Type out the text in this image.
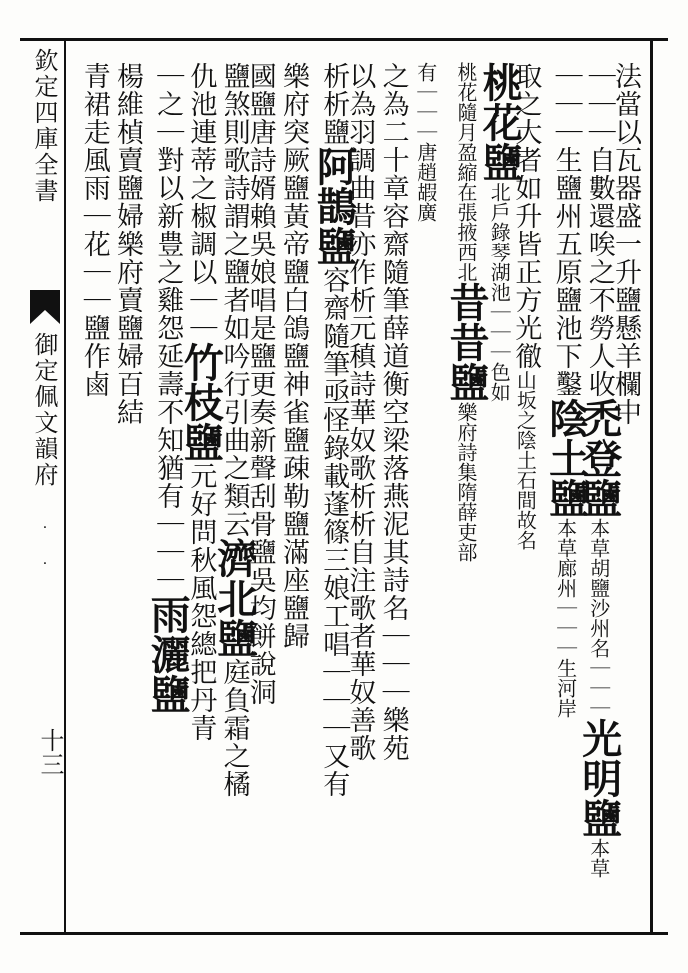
欽定四庫全書
御定佩文韻府
· ·
十三
法當以瓦器盛一升鹽懸羊欄中
｜｜｜自數還唉之不勞人收禿登鹽本草胡鹽沙州名｜｜｜光明鹽本草
｜｜｜生鹽州五原鹽池下鑿陰土鹽本草廊州｜｜｜生河岸
取之大者如升皆正方光徹山坂之陰土石間故名
桃花鹽北戶錄琴湖池｜｜｜色如
桃花隨月盈縮在張掖西北昔昔鹽樂府詩集隋薛吏部
有｜｜｜唐趙嘏廣
之為二十章容齋隨筆薛道衡空梁落燕泥其詩名｜｜｜樂苑
以為羽調曲昔亦作析元稹詩華奴歌析析自注歌者華奴善歌
析析鹽阿鵲鹽容齋隨筆亟怪錄載蓬篠三娘工唱｜｜｜又有
樂府突厥鹽黃帝鹽白鴿鹽神雀鹽疎勒鹽滿座鹽歸
國鹽唐詩婿賴吳娘唱是鹽更奏新聲刮骨鹽吳均餅說洞
鹽煞則歌詩謂之鹽者如吟行引曲之類云濟北鹽庭負霜之橘
仇池連蒂之椒調以｜｜竹枝鹽元好問秋風怨總把丹青
｜之｜對以新豊之雞怨延壽不知猶有｜｜｜雨灑鹽
楊維楨賣鹽婦樂府賣鹽婦百結
青裙走風雨｜花｜｜鹽作鹵
